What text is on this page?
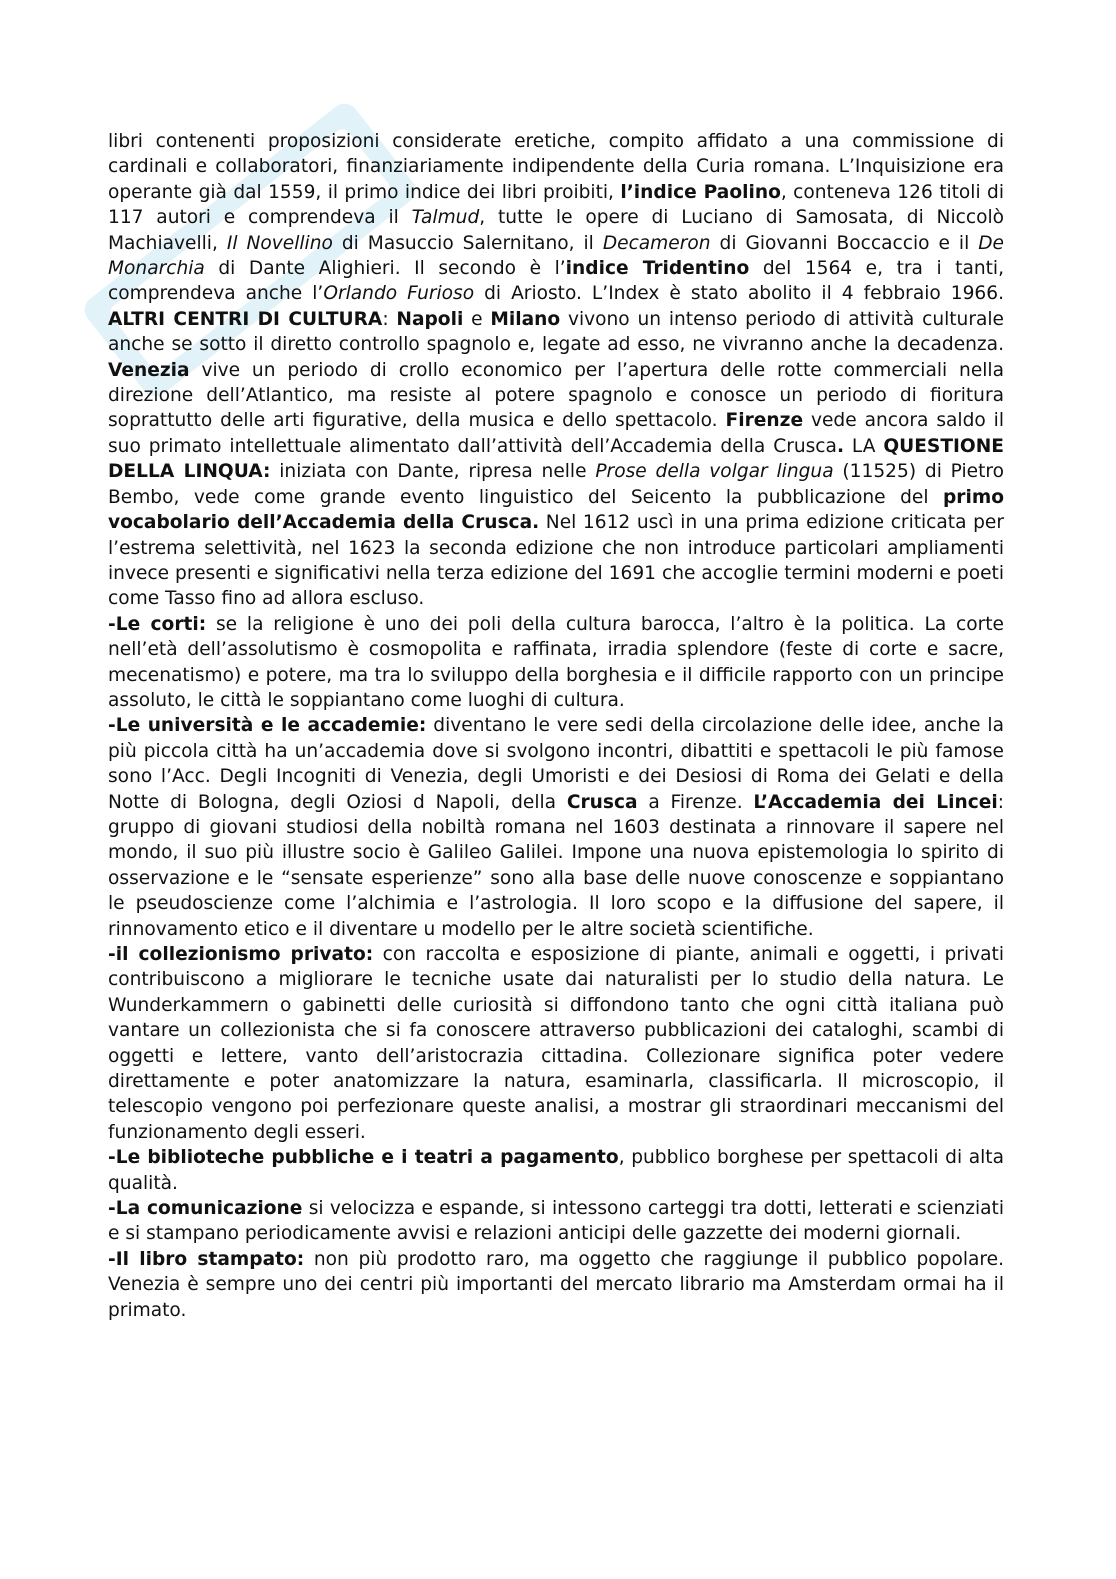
libri contenenti proposizioni considerate eretiche, compito affidato a una commissione di cardinali e collaboratori, finanziariamente indipendente della Curia romana. L’Inquisizione era operante già dal 1559, il primo indice dei libri proibiti, l’indice Paolino, conteneva 126 titoli di 117 autori e comprendeva il Talmud, tutte le opere di Luciano di Samosata, di Niccolò Machiavelli, Il Novellino di Masuccio Salernitano, il Decameron di Giovanni Boccaccio e il De Monarchia di Dante Alighieri. Il secondo è l’indice Tridentino del 1564 e, tra i tanti, comprendeva anche l’Orlando Furioso di Ariosto. L’Index è stato abolito il 4 febbraio 1966. ALTRI CENTRI DI CULTURA: Napoli e Milano vivono un intenso periodo di attività culturale anche se sotto il diretto controllo spagnolo e, legate ad esso, ne vivranno anche la decadenza. Venezia vive un periodo di crollo economico per l’apertura delle rotte commerciali nella direzione dell’Atlantico, ma resiste al potere spagnolo e conosce un periodo di fioritura soprattutto delle arti figurative, della musica e dello spettacolo. Firenze vede ancora saldo il suo primato intellettuale alimentato dall’attività dell’Accademia della Crusca. LA QUESTIONE DELLA LINQUA: iniziata con Dante, ripresa nelle Prose della volgar lingua (11525) di Pietro Bembo, vede come grande evento linguistico del Seicento la pubblicazione del primo vocabolario dell’Accademia della Crusca. Nel 1612 uscì in una prima edizione criticata per l’estrema selettività, nel 1623 la seconda edizione che non introduce particolari ampliamenti invece presenti e significativi nella terza edizione del 1691 che accoglie termini moderni e poeti come Tasso fino ad allora escluso.

-Le corti: se la religione è uno dei poli della cultura barocca, l’altro è la politica. La corte nell’età dell’assolutismo è cosmopolita e raffinata, irradia splendore (feste di corte e sacre, mecenatismo) e potere, ma tra lo sviluppo della borghesia e il difficile rapporto con un principe assoluto, le città le soppiantano come luoghi di cultura.

-Le università e le accademie: diventano le vere sedi della circolazione delle idee, anche la più piccola città ha un’accademia dove si svolgono incontri, dibattiti e spettacoli le più famose sono l’Acc. Degli Incogniti di Venezia, degli Umoristi e dei Desiosi di Roma dei Gelati e della Notte di Bologna, degli Oziosi d Napoli, della Crusca a Firenze. L’Accademia dei Lincei: gruppo di giovani studiosi della nobiltà romana nel 1603 destinata a rinnovare il sapere nel mondo, il suo più illustre socio è Galileo Galilei. Impone una nuova epistemologia lo spirito di osservazione e le “sensate esperienze” sono alla base delle nuove conoscenze e soppiantano le pseudoscienze come l’alchimia e l’astrologia. Il loro scopo e la diffusione del sapere, il rinnovamento etico e il diventare u modello per le altre società scientifiche.

-il collezionismo privato: con raccolta e esposizione di piante, animali e oggetti, i privati contribuiscono a migliorare le tecniche usate dai naturalisti per lo studio della natura. Le Wunderkammern o gabinetti delle curiosità si diffondono tanto che ogni città italiana può vantare un collezionista che si fa conoscere attraverso pubblicazioni dei cataloghi, scambi di oggetti e lettere, vanto dell’aristocrazia cittadina. Collezionare significa poter vedere direttamente e poter anatomizzare la natura, esaminarla, classificarla. Il microscopio, il telescopio vengono poi perfezionare queste analisi, a mostrar gli straordinari meccanismi del funzionamento degli esseri.

-Le biblioteche pubbliche e i teatri a pagamento, pubblico borghese per spettacoli di alta qualità.

-La comunicazione si velocizza e espande, si intessono carteggi tra dotti, letterati e scienziati e si stampano periodicamente avvisi e relazioni anticipi delle gazzette dei moderni giornali.

-Il libro stampato: non più prodotto raro, ma oggetto che raggiunge il pubblico popolare. Venezia è sempre uno dei centri più importanti del mercato librario ma Amsterdam ormai ha il primato.
